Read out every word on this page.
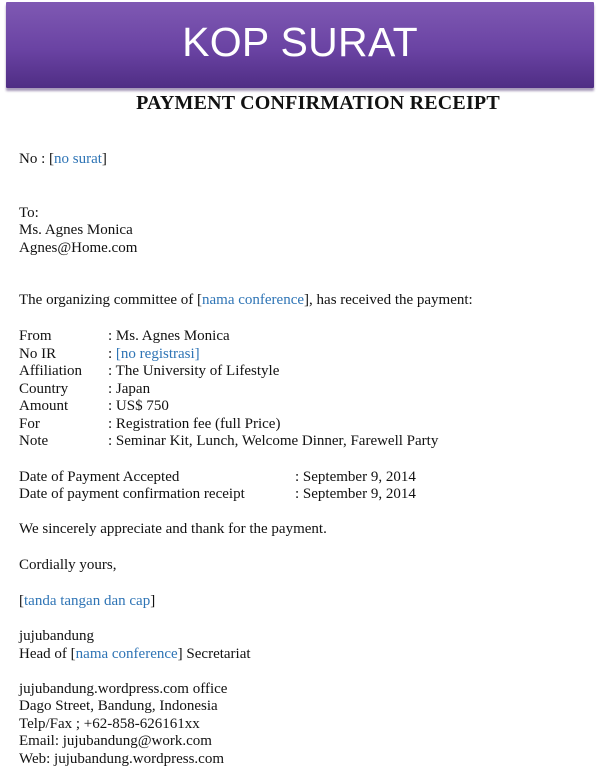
KOP SURAT
PAYMENT CONFIRMATION RECEIPT
No : [no surat]
To:
Ms. Agnes Monica
Agnes@Home.com
The organizing committee of [nama conference], has received the payment:
From	: Ms. Agnes Monica
No IR	: [no registrasi]
Affiliation : The University of Lifestyle
Country	: Japan
Amount	: US$ 750
For	: Registration fee (full Price)
Note	: Seminar Kit, Lunch, Welcome Dinner, Farewell Party
Date of Payment Accepted	: September 9, 2014
Date of payment confirmation receipt	: September 9, 2014
We sincerely appreciate and thank for the payment.
Cordially yours,
[tanda tangan dan cap]
jujubandung
Head of [nama conference] Secretariat
jujubandung.wordpress.com office
Dago Street, Bandung, Indonesia
Telp/Fax ; +62-858-626161xx
Email: jujubandung@work.com
Web: jujubandung.wordpress.com
